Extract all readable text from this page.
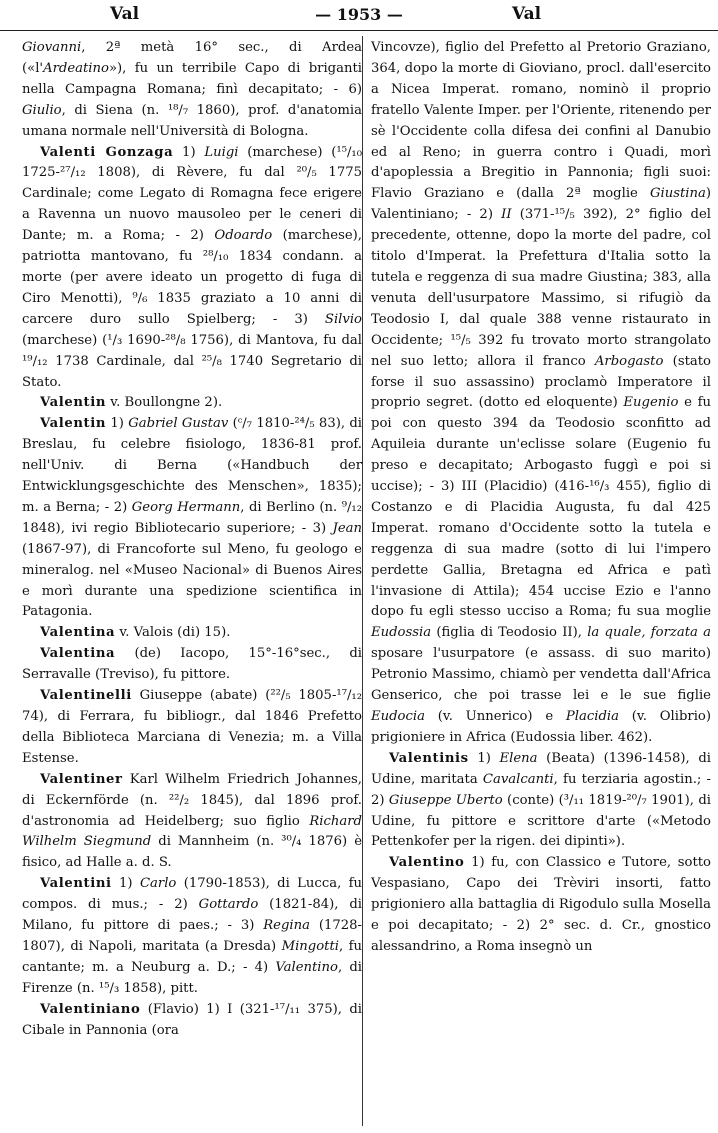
Val	— 1953 —	Val

Giovanni, 2ª metà 16° sec., di Ardea («l'Ardeatino»), fu un terribile Capo di briganti nella Campagna Romana; finì decapitato; - 6) Giulio, di Siena (n. ¹⁸/₇ 1860), prof. d'anatomia umana normale nell'Università di Bologna.

Valenti Gonzaga 1) Luigi (marchese) (¹⁵/₁₀ 1725-²⁷/₁₂ 1808), di Rèvere, fu dal ²⁰/₅ 1775 Cardinale; come Legato di Romagna fece erigere a Ravenna un nuovo mausoleo per le ceneri di Dante; m. a Roma; - 2) Odoardo (marchese), patriotta mantovano, fu ²⁸/₁₀ 1834 condann. a morte (per avere ideato un progetto di fuga di Ciro Menotti), ⁹/₆ 1835 graziato a 10 anni di carcere duro sullo Spielberg; - 3) Silvio (marchese) (¹/₃ 1690-²⁸/₈ 1756), di Mantova, fu dal ¹⁹/₁₂ 1738 Cardinale, dal ²⁵/₈ 1740 Segretario di Stato.

Valentin v. Boullongne 2).

Valentin 1) Gabriel Gustav (ᶜ/₇ 1810-²⁴/₅ 83), di Breslau, fu celebre fisiologo, 1836-81 prof. nell'Univ. di Berna («Handbuch der Entwicklungsgeschichte des Menschen», 1835); m. a Berna; - 2) Georg Hermann, di Berlino (n. ⁹/₁₂ 1848), ivi regio Bibliotecario superiore; - 3) Jean (1867-97), di Francoforte sul Meno, fu geologo e mineralog. nel «Museo Nacional» di Buenos Aires e morì durante una spedizione scientifica in Patagonia.

Valentina v. Valois (di) 15).

Valentina (de) Iacopo, 15°-16°sec., di Serravalle (Treviso), fu pittore.

Valentinelli Giuseppe (abate) (²²/₅ 1805-¹⁷/₁₂ 74), di Ferrara, fu bibliogr., dal 1846 Prefetto della Biblioteca Marciana di Venezia; m. a Villa Estense.

Valentiner Karl Wilhelm Friedrich Johannes, di Eckernförde (n. ²²/₂ 1845), dal 1896 prof. d'astronomia ad Heidelberg; suo figlio Richard Wilhelm Siegmund di Mannheim (n. ³⁰/₄ 1876) è fisico, ad Halle a. d. S.

Valentini 1) Carlo (1790-1853), di Lucca, fu compos. di mus.; - 2) Gottardo (1821-84), di Milano, fu pittore di paes.; - 3) Regina (1728-1807), di Napoli, maritata (a Dresda) Mingotti, fu cantante; m. a Neuburg a. D.; - 4) Valentino, di Firenze (n. ¹⁵/₃ 1858), pitt.

Valentiniano (Flavio) 1) I (321-¹⁷/₁₁ 375), di Cibale in Pannonia (ora

Vincovze), figlio del Prefetto al Pretorio Graziano, 364, dopo la morte di Gioviano, procl. dall'esercito a Nicea Imperat. romano, nominò il proprio fratello Valente Imper. per l'Oriente, ritenendo per sè l'Occidente colla difesa dei confini al Danubio ed al Reno; in guerra contro i Quadi, morì d'apoplessia a Bregitio in Pannonia; figli suoi: Flavio Graziano e (dalla 2ª moglie Giustina) Valentiniano; - 2) II (371-¹⁵/₅ 392), 2° figlio del precedente, ottenne, dopo la morte del padre, col titolo d'Imperat. la Prefettura d'Italia sotto la tutela e reggenza di sua madre Giustina; 383, alla venuta dell'usurpatore Massimo, si rifugiò da Teodosio I, dal quale 388 venne ristaurato in Occidente; ¹⁵/₅ 392 fu trovato morto strangolato nel suo letto; allora il franco Arbogasto (stato forse il suo assassino) proclamò Imperatore il proprio segret. (dotto ed eloquente) Eugenio e fu poi con questo 394 da Teodosio sconfitto ad Aquileia durante un'eclisse solare (Eugenio fu preso e decapitato; Arbogasto fuggì e poi si uccise); - 3) III (Placidio) (416-¹⁶/₃ 455), figlio di Costanzo e di Placidia Augusta, fu dal 425 Imperat. romano d'Occidente sotto la tutela e reggenza di sua madre (sotto di lui l'impero perdette Gallia, Bretagna ed Africa e patì l'invasione di Attila); 454 uccise Ezio e l'anno dopo fu egli stesso ucciso a Roma; fu sua moglie Eudossia (figlia di Teodosio II), la quale, forzata a sposare l'usurpatore (e assass. di suo marito) Petronio Massimo, chiamò per vendetta dall'Africa Genserico, che poi trasse lei e le sue figlie Eudocia (v. Unnerico) e Placidia (v. Olibrio) prigioniere in Africa (Eudossia liber. 462).

Valentinis 1) Elena (Beata) (1396-1458), di Udine, maritata Cavalcanti, fu terziaria agostin.; - 2) Giuseppe Uberto (conte) (³/₁₁ 1819-²⁰/₇ 1901), di Udine, fu pittore e scrittore d'arte («Metodo Pettenkofer per la rigen. dei dipinti»).

Valentino 1) fu, con Classico e Tutore, sotto Vespasiano, Capo dei Trèviri insorti, fatto prigioniero alla battaglia di Rigodulo sulla Mosella e poi decapitato; - 2) 2° sec. d. Cr., gnostico alessandrino, a Roma insegnò un
